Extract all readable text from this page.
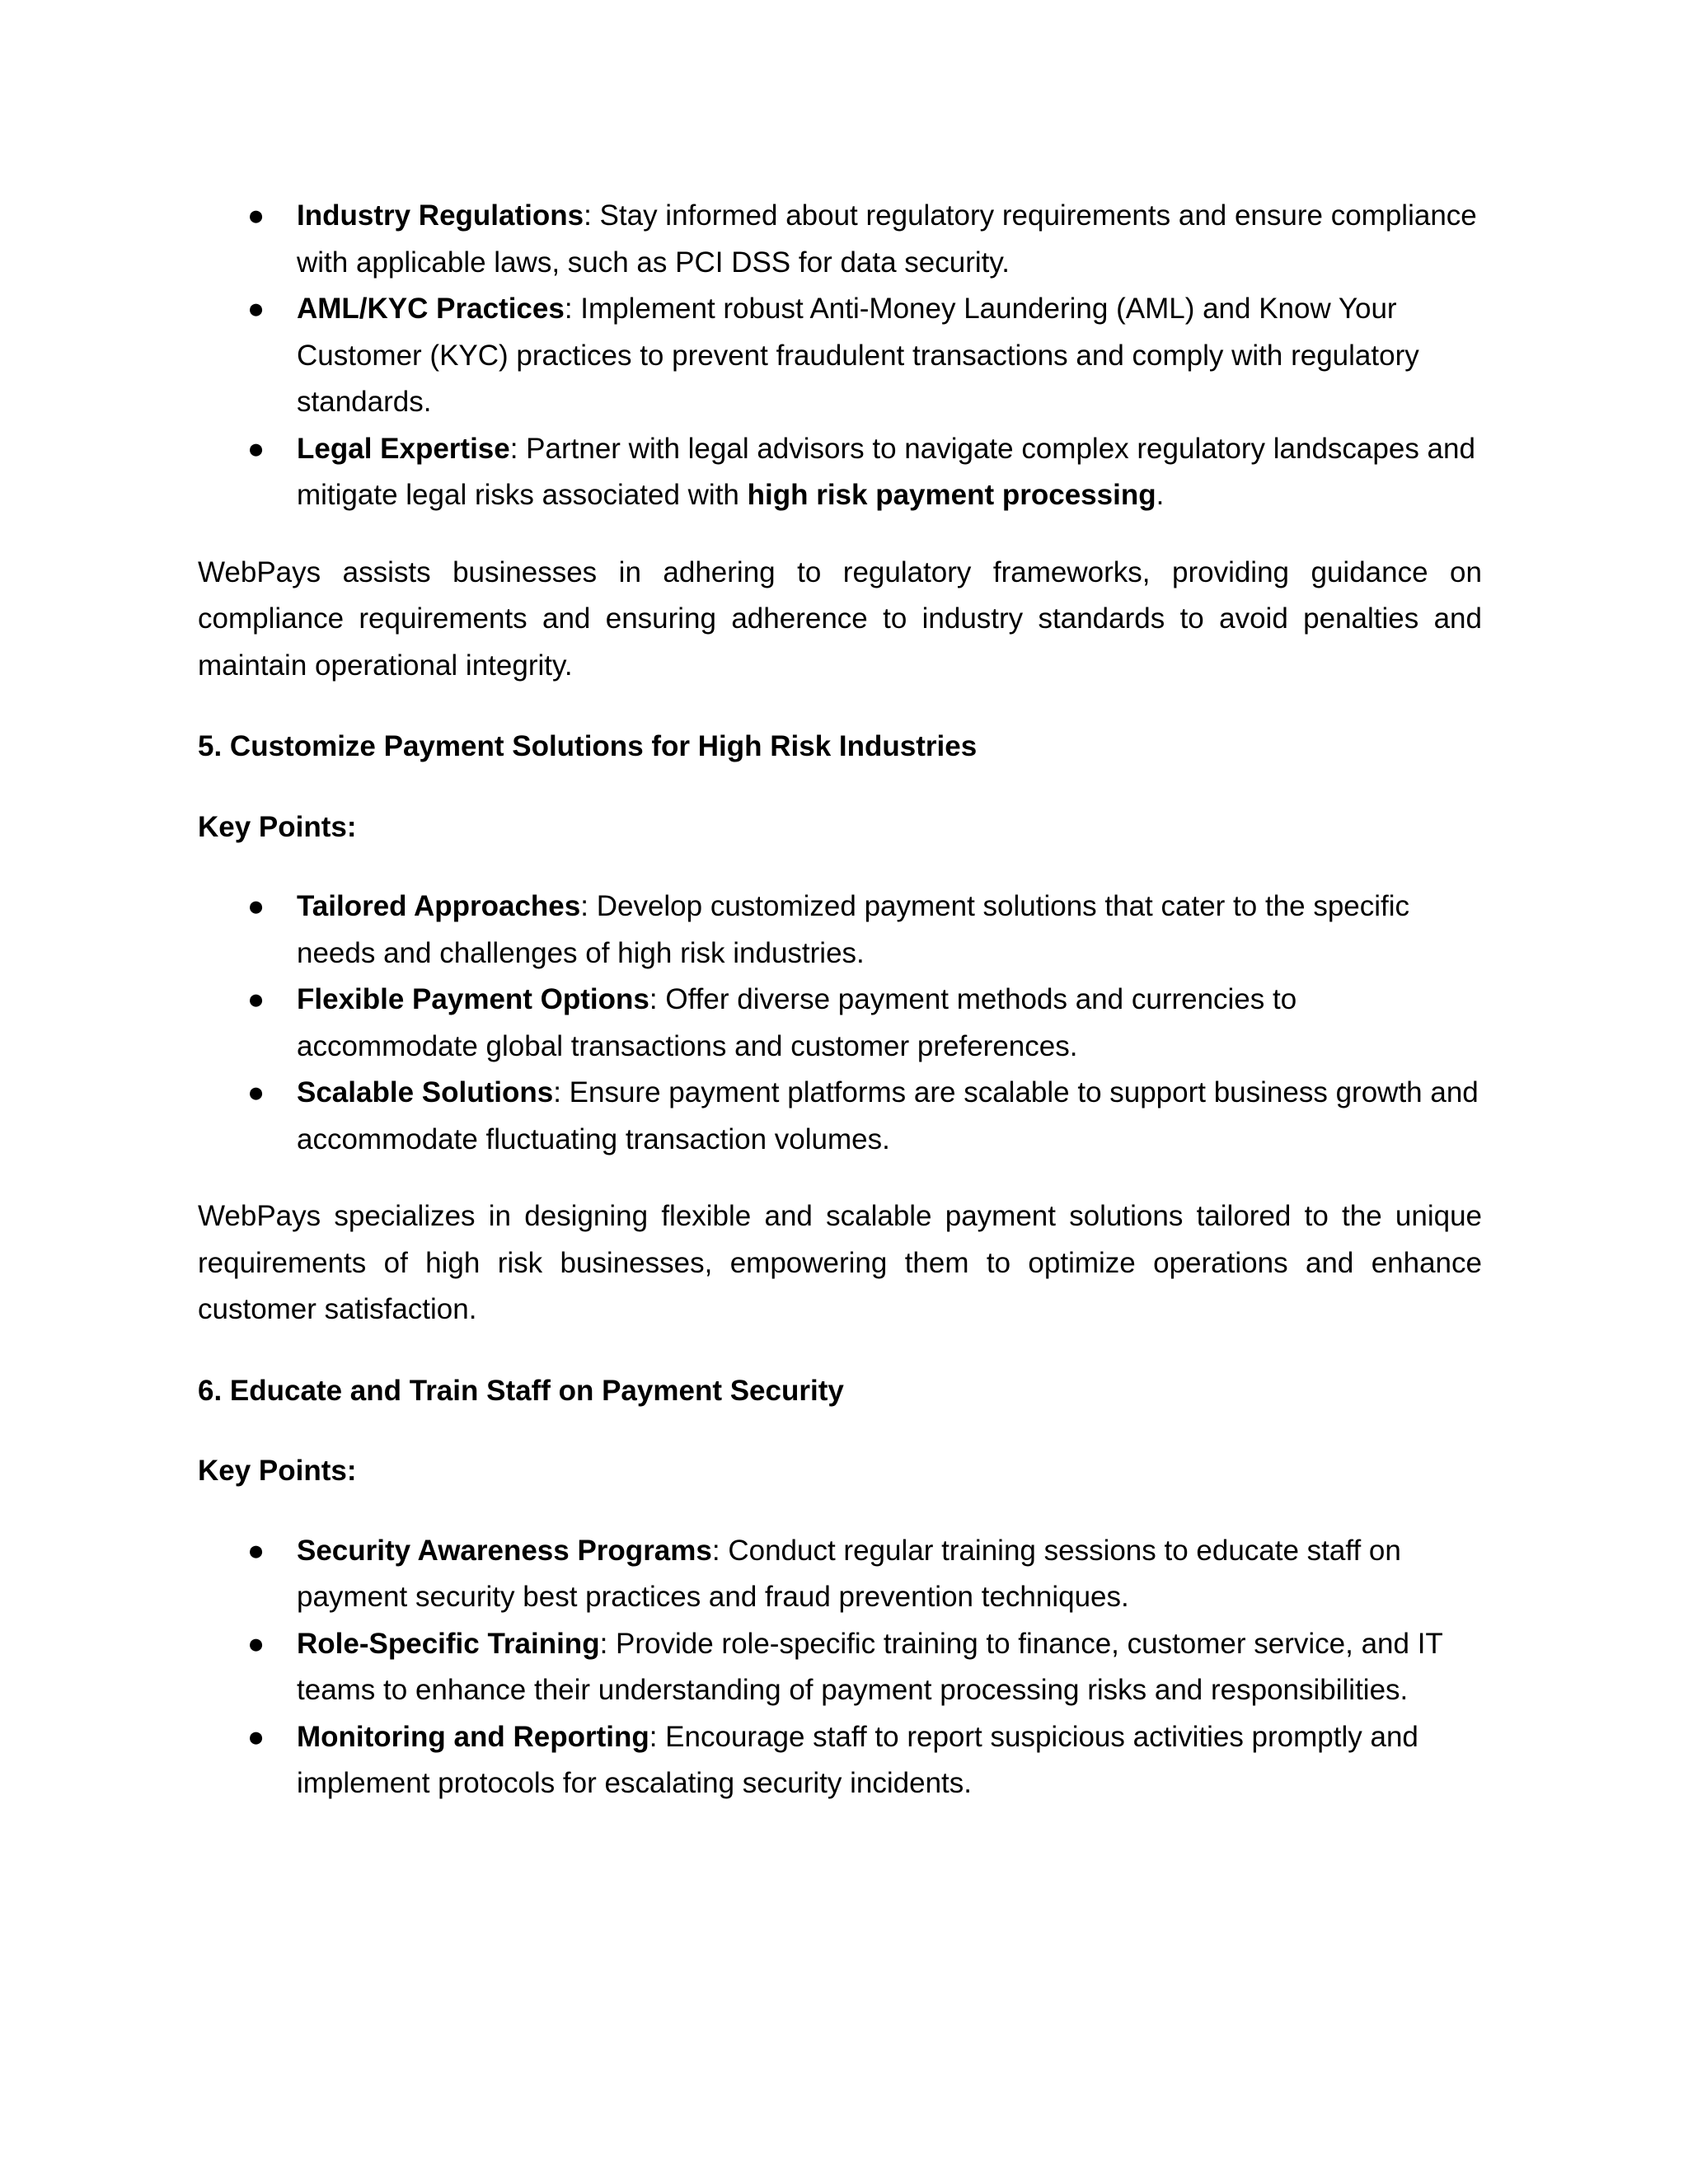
● Industry Regulations: Stay informed about regulatory requirements and ensure compliance with applicable laws, such as PCI DSS for data security.
● AML/KYC Practices: Implement robust Anti-Money Laundering (AML) and Know Your Customer (KYC) practices to prevent fraudulent transactions and comply with regulatory standards.
● Legal Expertise: Partner with legal advisors to navigate complex regulatory landscapes and mitigate legal risks associated with high risk payment processing.

WebPays assists businesses in adhering to regulatory frameworks, providing guidance on compliance requirements and ensuring adherence to industry standards to avoid penalties and maintain operational integrity.

5. Customize Payment Solutions for High Risk Industries

Key Points:

● Tailored Approaches: Develop customized payment solutions that cater to the specific needs and challenges of high risk industries.
● Flexible Payment Options: Offer diverse payment methods and currencies to accommodate global transactions and customer preferences.
● Scalable Solutions: Ensure payment platforms are scalable to support business growth and accommodate fluctuating transaction volumes.

WebPays specializes in designing flexible and scalable payment solutions tailored to the unique requirements of high risk businesses, empowering them to optimize operations and enhance customer satisfaction.

6. Educate and Train Staff on Payment Security

Key Points:

● Security Awareness Programs: Conduct regular training sessions to educate staff on payment security best practices and fraud prevention techniques.
● Role-Specific Training: Provide role-specific training to finance, customer service, and IT teams to enhance their understanding of payment processing risks and responsibilities.
● Monitoring and Reporting: Encourage staff to report suspicious activities promptly and implement protocols for escalating security incidents.
